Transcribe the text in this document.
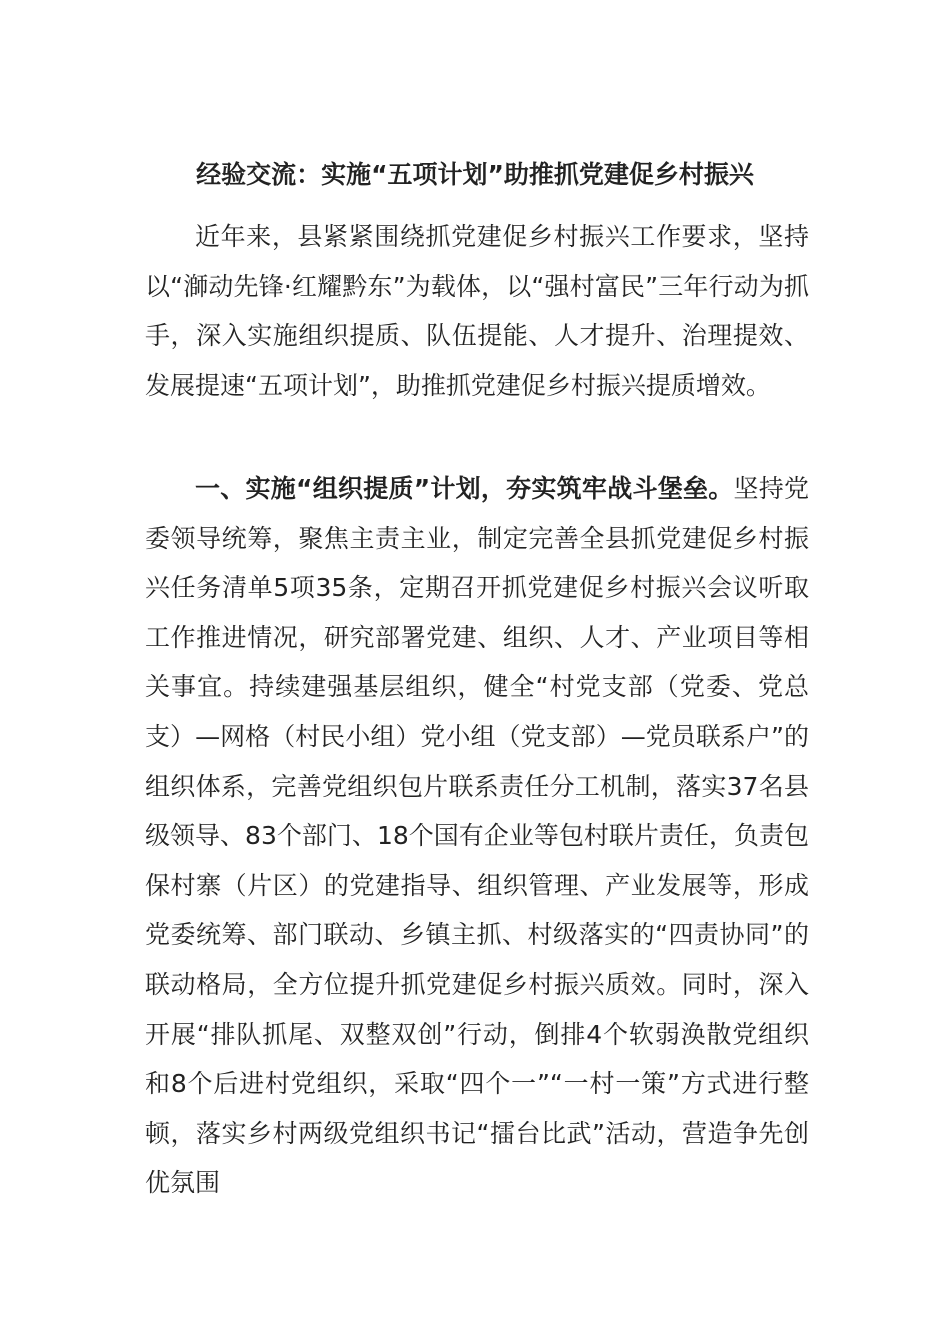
经验交流：实施“五项计划”助推抓党建促乡村振兴

近年来，县紧紧围绕抓党建促乡村振兴工作要求，坚持以“溮动先锋·红耀黔东”为载体，以“强村富民”三年行动为抓手，深入实施组织提质、队伍提能、人才提升、治理提效、发展提速“五项计划”，助推抓党建促乡村振兴提质增效。

一、实施“组织提质”计划，夯实筑牢战斗堡垒。坚持党委领导统筹，聚焦主责主业，制定完善全县抓党建促乡村振兴任务清单5项35条，定期召开抓党建促乡村振兴会议听取工作推进情况，研究部署党建、组织、人才、产业项目等相关事宜。持续建强基层组织，健全“村党支部（党委、党总支）—网格（村民小组）党小组（党支部）—党员联系户”的组织体系，完善党组织包片联系责任分工机制，落实37名县级领导、83个部门、18个国有企业等包村联片责任，负责包保村寨（片区）的党建指导、组织管理、产业发展等，形成党委统筹、部门联动、乡镇主抓、村级落实的“四责协同”的联动格局，全方位提升抓党建促乡村振兴质效。同时，深入开展“排队抓尾、双整双创”行动，倒排4个软弱涣散党组织和8个后进村党组织，采取“四个一”“一村一策”方式进行整顿，落实乡村两级党组织书记“擂台比武”活动，营造争先创优氛围
